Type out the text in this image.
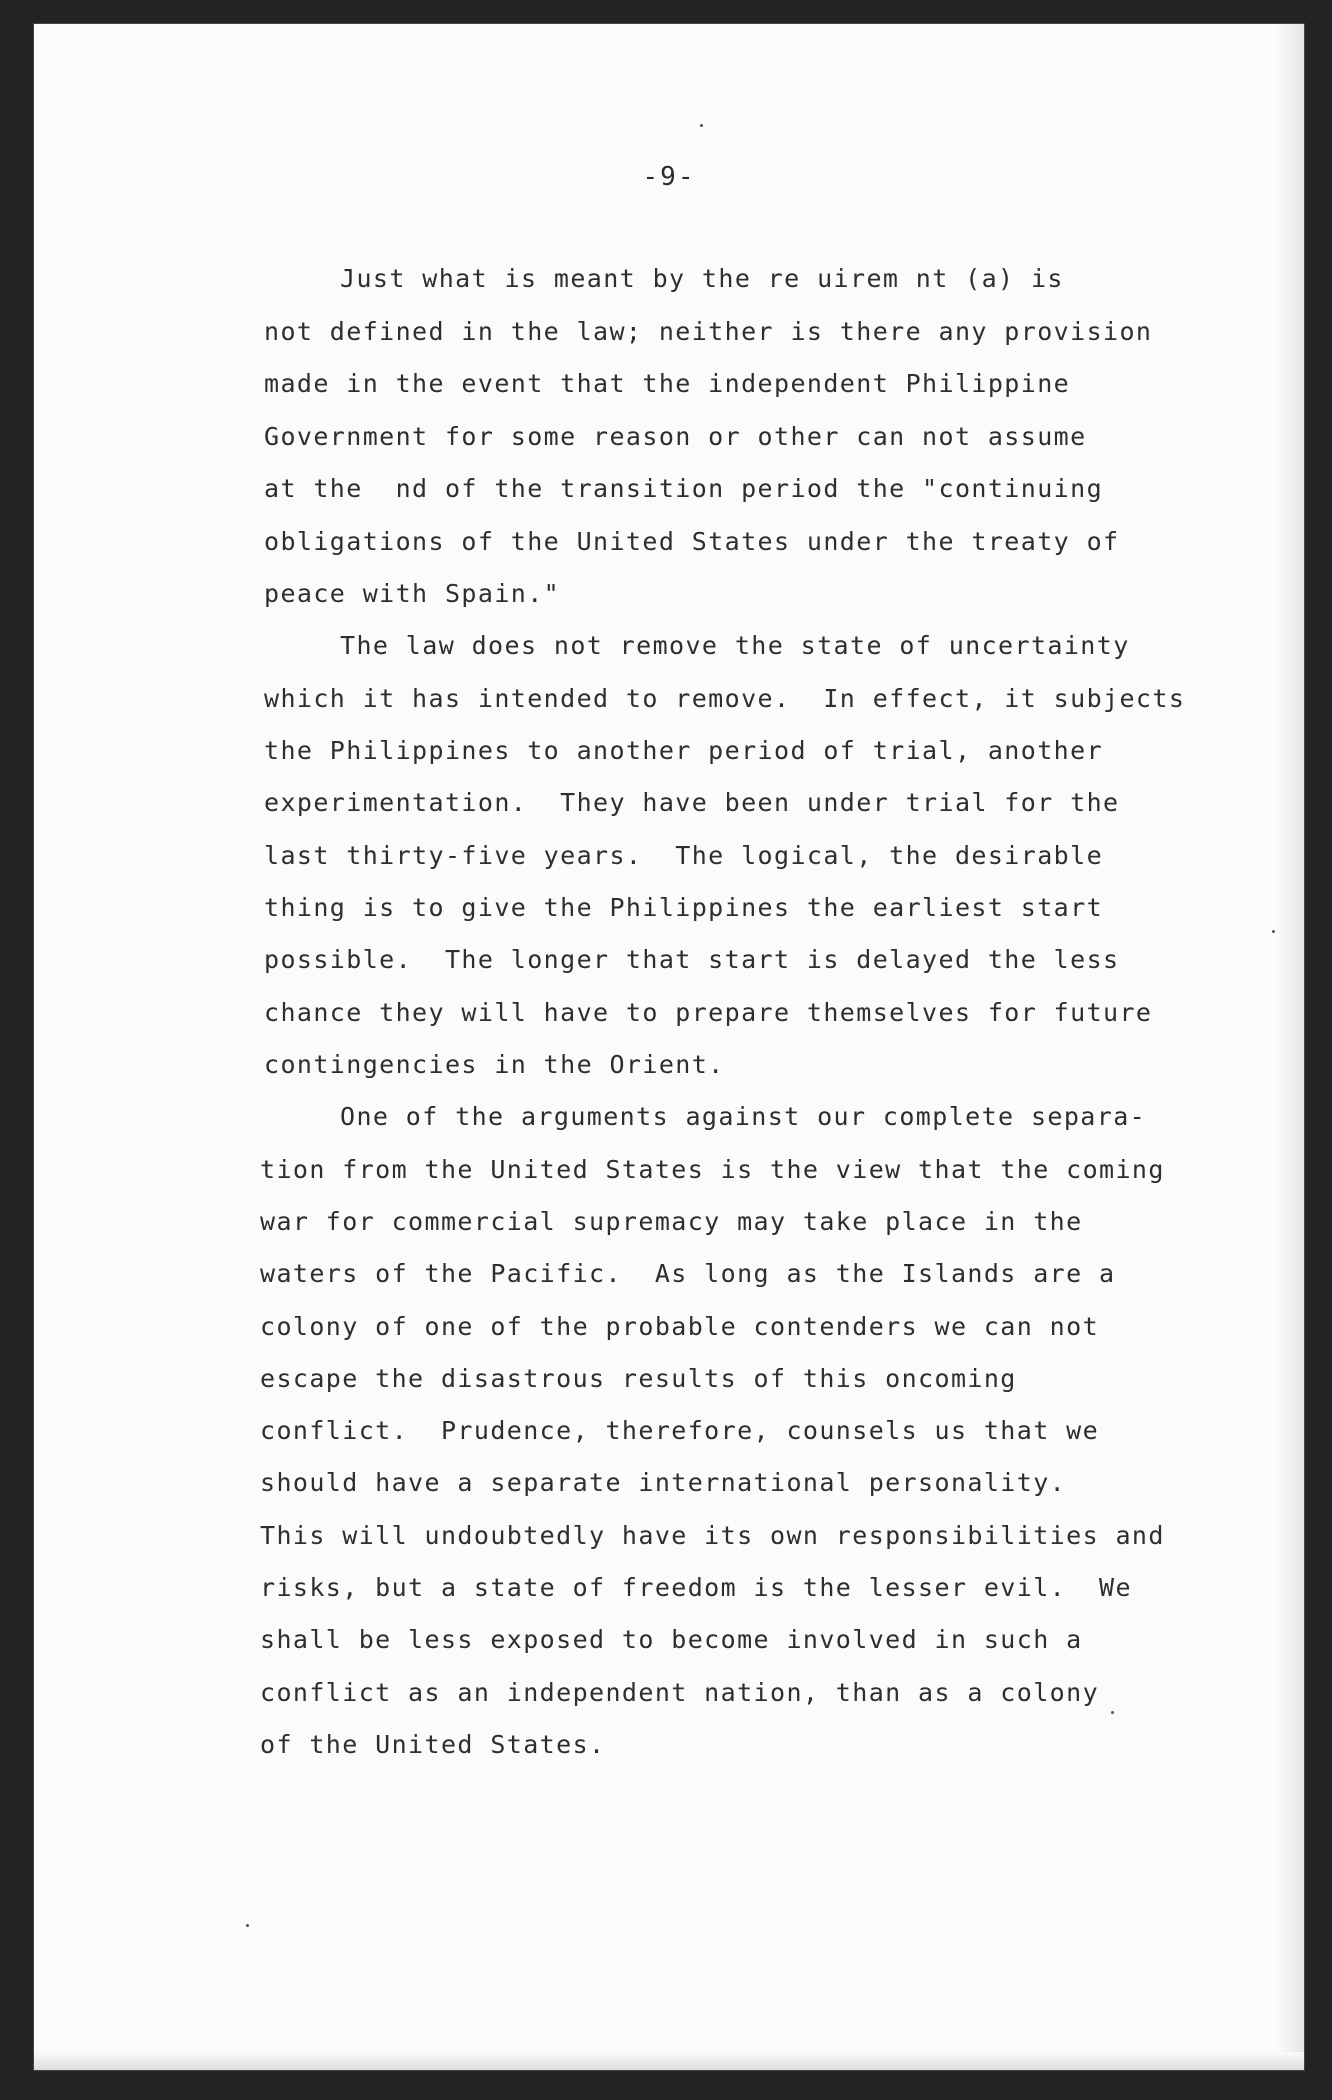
-9-
Just what is meant by the re uirem nt (a) is
not defined in the law; neither is there any provision
made in the event that the independent Philippine
Government for some reason or other can not assume
at the  nd of the transition period the "continuing
obligations of the United States under the treaty of
peace with Spain."
The law does not remove the state of uncertainty
which it has intended to remove.  In effect, it subjects
the Philippines to another period of trial, another
experimentation.  They have been under trial for the
last thirty-five years.  The logical, the desirable
thing is to give the Philippines the earliest start
possible.  The longer that start is delayed the less
chance they will have to prepare themselves for future
contingencies in the Orient.
One of the arguments against our complete separa-
tion from the United States is the view that the coming
war for commercial supremacy may take place in the
waters of the Pacific.  As long as the Islands are a
colony of one of the probable contenders we can not
escape the disastrous results of this oncoming
conflict.  Prudence, therefore, counsels us that we
should have a separate international personality.
This will undoubtedly have its own responsibilities and
risks, but a state of freedom is the lesser evil.  We
shall be less exposed to become involved in such a
conflict as an independent nation, than as a colony
of the United States.
